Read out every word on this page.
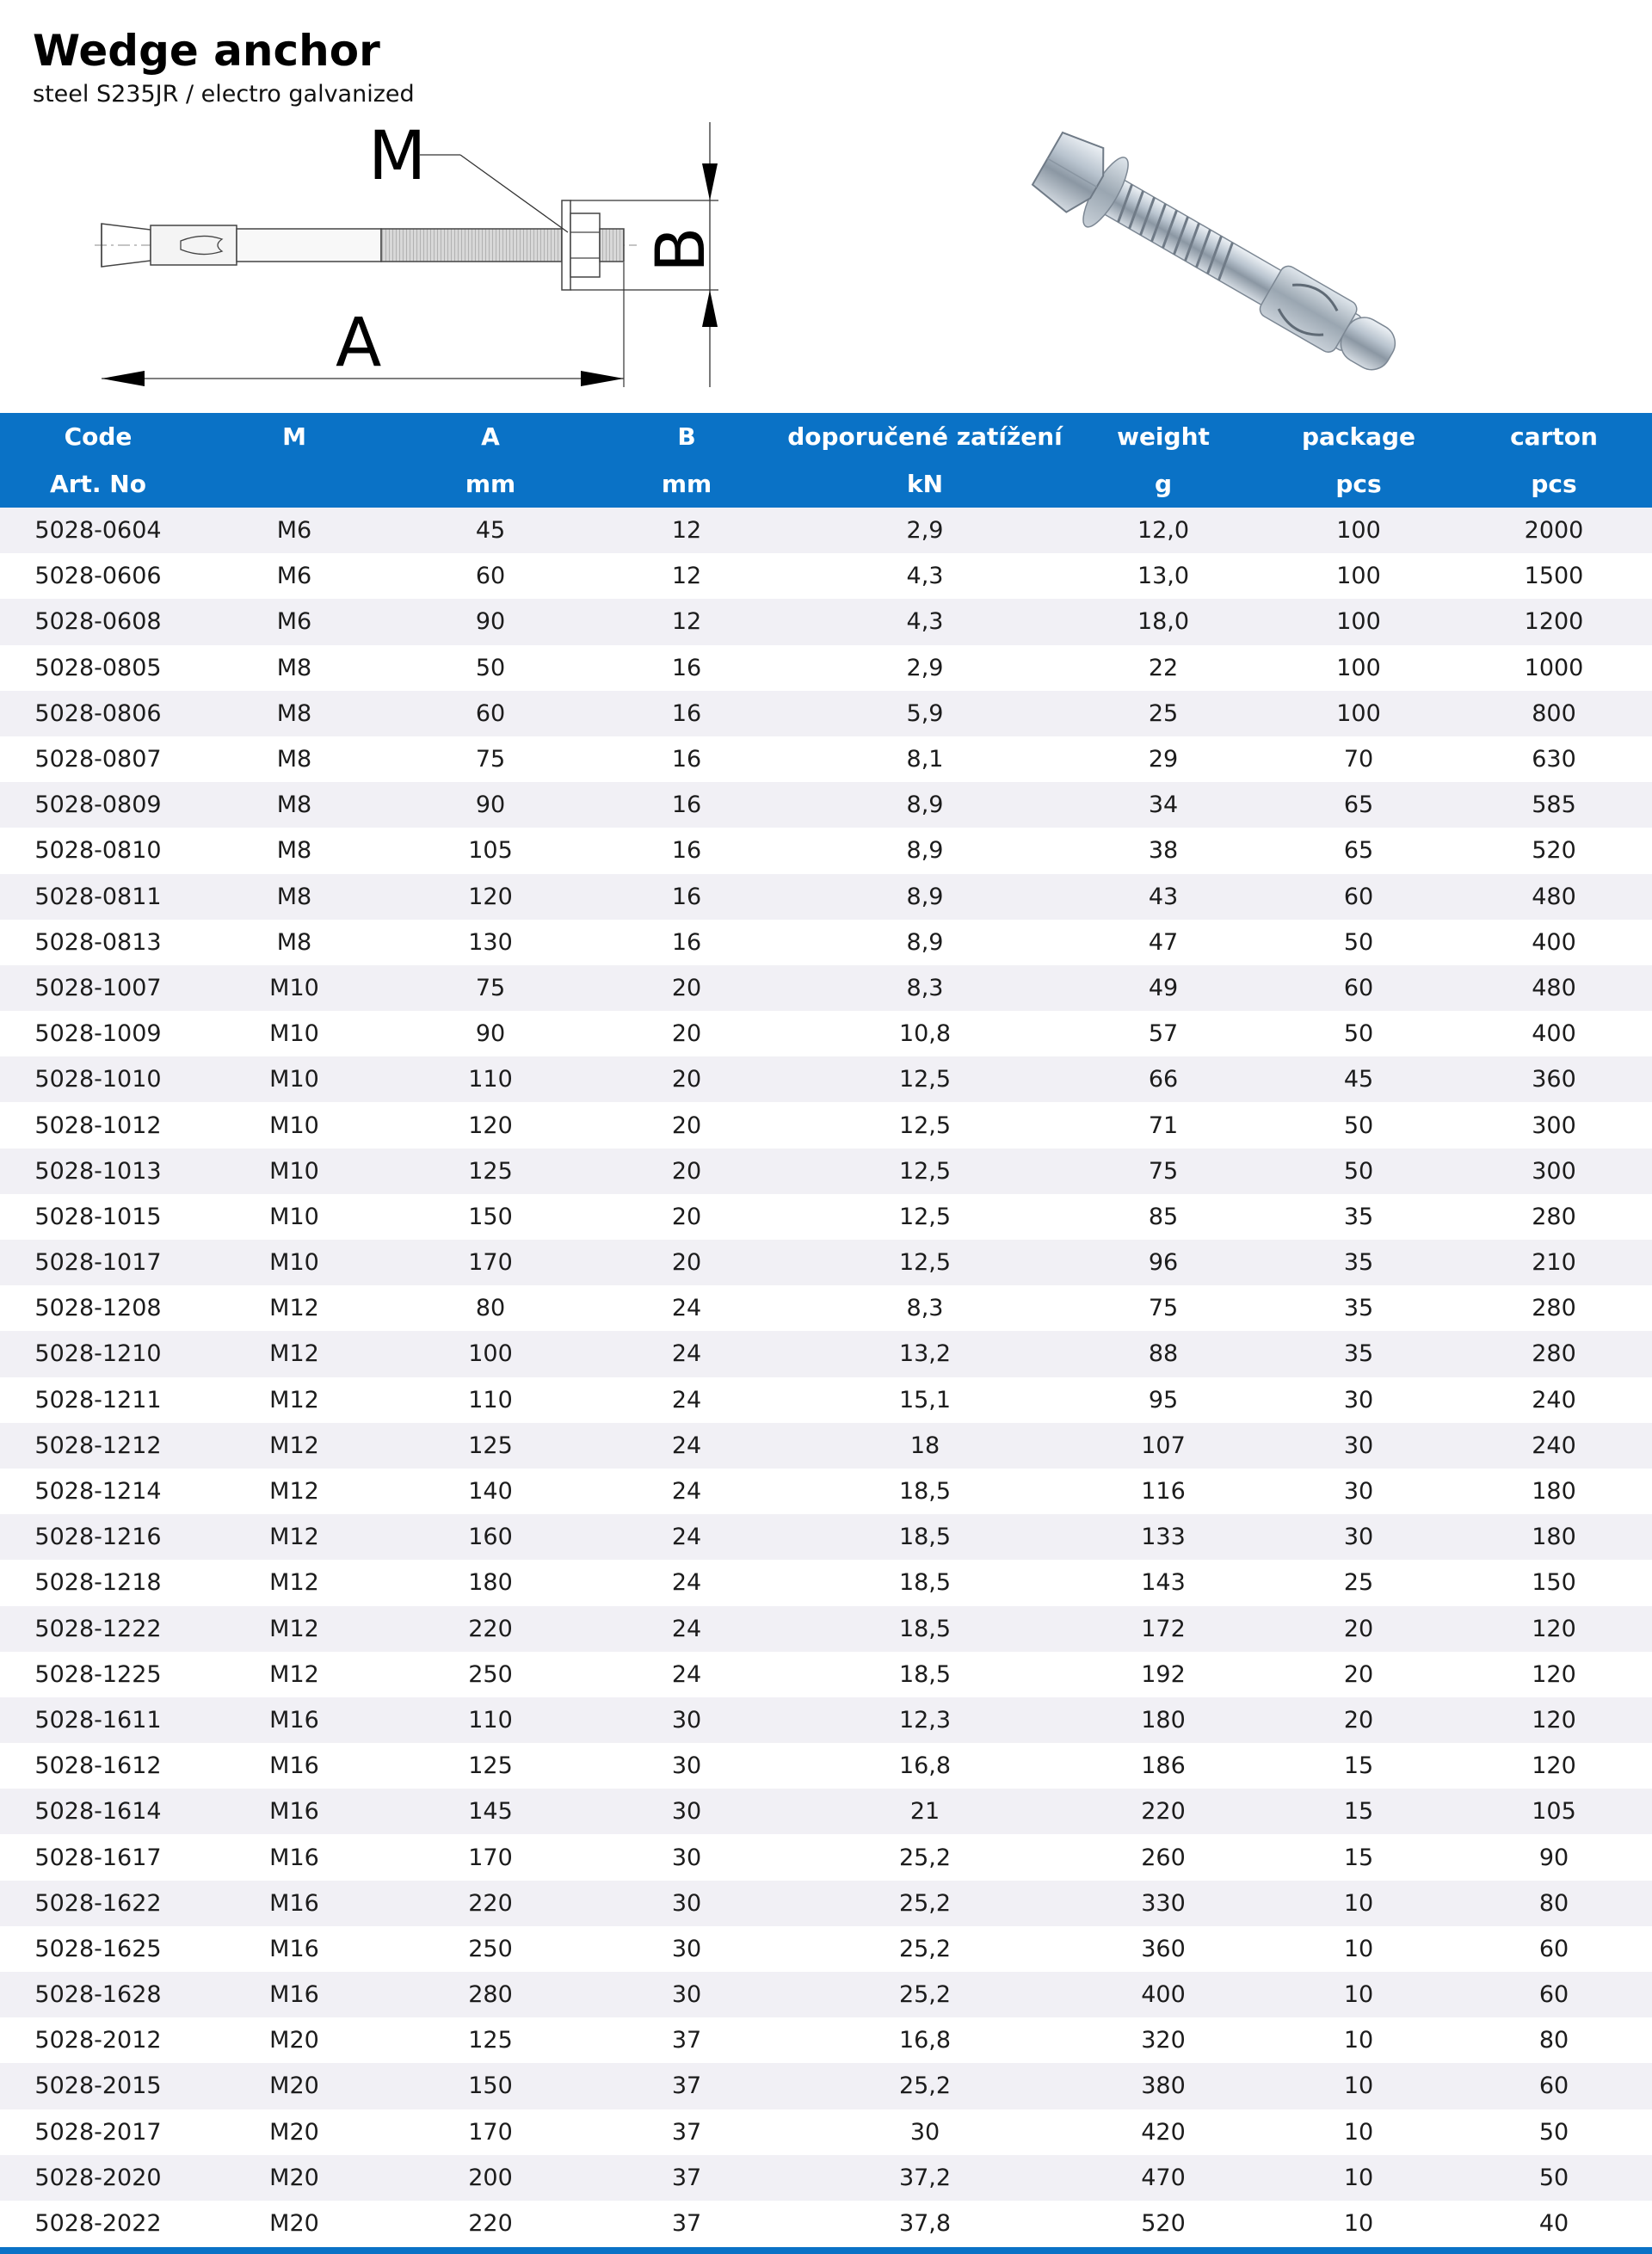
Wedge anchor
steel S235JR / electro galvanized
M
B
A
Code	M	A	B	doporučené zatížení	weight	package	carton
Art. No		mm	mm	kN	g	pcs	pcs
5028-0604	M6	45	12	2,9	12,0	100	2000
5028-0606	M6	60	12	4,3	13,0	100	1500
5028-0608	M6	90	12	4,3	18,0	100	1200
5028-0805	M8	50	16	2,9	22	100	1000
5028-0806	M8	60	16	5,9	25	100	800
5028-0807	M8	75	16	8,1	29	70	630
5028-0809	M8	90	16	8,9	34	65	585
5028-0810	M8	105	16	8,9	38	65	520
5028-0811	M8	120	16	8,9	43	60	480
5028-0813	M8	130	16	8,9	47	50	400
5028-1007	M10	75	20	8,3	49	60	480
5028-1009	M10	90	20	10,8	57	50	400
5028-1010	M10	110	20	12,5	66	45	360
5028-1012	M10	120	20	12,5	71	50	300
5028-1013	M10	125	20	12,5	75	50	300
5028-1015	M10	150	20	12,5	85	35	280
5028-1017	M10	170	20	12,5	96	35	210
5028-1208	M12	80	24	8,3	75	35	280
5028-1210	M12	100	24	13,2	88	35	280
5028-1211	M12	110	24	15,1	95	30	240
5028-1212	M12	125	24	18	107	30	240
5028-1214	M12	140	24	18,5	116	30	180
5028-1216	M12	160	24	18,5	133	30	180
5028-1218	M12	180	24	18,5	143	25	150
5028-1222	M12	220	24	18,5	172	20	120
5028-1225	M12	250	24	18,5	192	20	120
5028-1611	M16	110	30	12,3	180	20	120
5028-1612	M16	125	30	16,8	186	15	120
5028-1614	M16	145	30	21	220	15	105
5028-1617	M16	170	30	25,2	260	15	90
5028-1622	M16	220	30	25,2	330	10	80
5028-1625	M16	250	30	25,2	360	10	60
5028-1628	M16	280	30	25,2	400	10	60
5028-2012	M20	125	37	16,8	320	10	80
5028-2015	M20	150	37	25,2	380	10	60
5028-2017	M20	170	37	30	420	10	50
5028-2020	M20	200	37	37,2	470	10	50
5028-2022	M20	220	37	37,8	520	10	40
